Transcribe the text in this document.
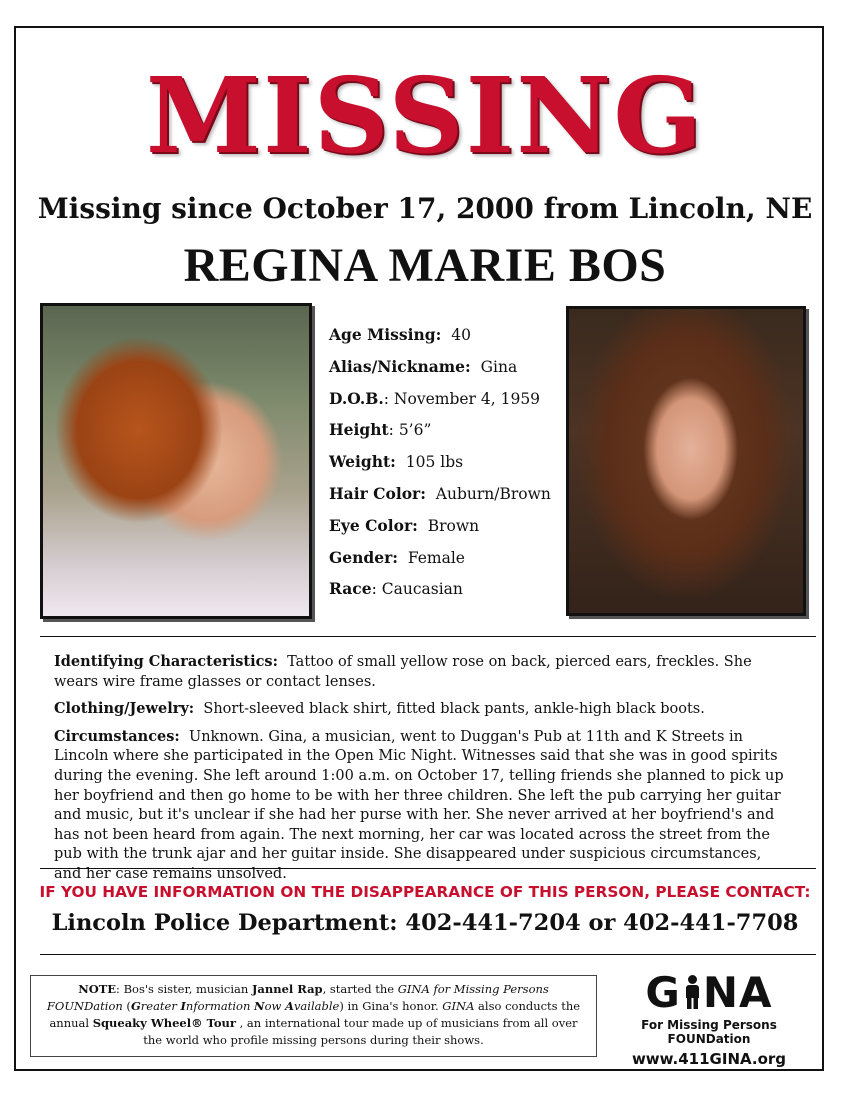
MISSING
Missing since October 17, 2000 from Lincoln, NE
REGINA MARIE BOS
Age Missing: 40
Alias/Nickname: Gina
D.O.B.: November 4, 1959
Height: 5’6”
Weight: 105 lbs
Hair Color: Auburn/Brown
Eye Color: Brown
Gender: Female
Race: Caucasian

Identifying Characteristics: Tattoo of small yellow rose on back, pierced ears, freckles. She wears wire frame glasses or contact lenses.

Clothing/Jewelry: Short-sleeved black shirt, fitted black pants, ankle-high black boots.

Circumstances: Unknown. Gina, a musician, went to Duggan's Pub at 11th and K Streets in Lincoln where she participated in the Open Mic Night. Witnesses said that she was in good spirits during the evening. She left around 1:00 a.m. on October 17, telling friends she planned to pick up her boyfriend and then go home to be with her three children. She left the pub carrying her guitar and music, but it's unclear if she had her purse with her. She never arrived at her boyfriend's and has not been heard from again. The next morning, her car was located across the street from the pub with the trunk ajar and her guitar inside. She disappeared under suspicious circumstances, and her case remains unsolved.

IF YOU HAVE INFORMATION ON THE DISAPPEARANCE OF THIS PERSON, PLEASE CONTACT:
Lincoln Police Department: 402-441-7204 or 402-441-7708
NOTE: Bos's sister, musician Jannel Rap, started the GINA for Missing Persons FOUNDation (Greater Information Now Available) in Gina's honor. GINA also conducts the annual Squeaky Wheel® Tour , an international tour made up of musicians from all over the world who profile missing persons during their shows.
G NA
For Missing Persons FOUNDation
www.411GINA.org
